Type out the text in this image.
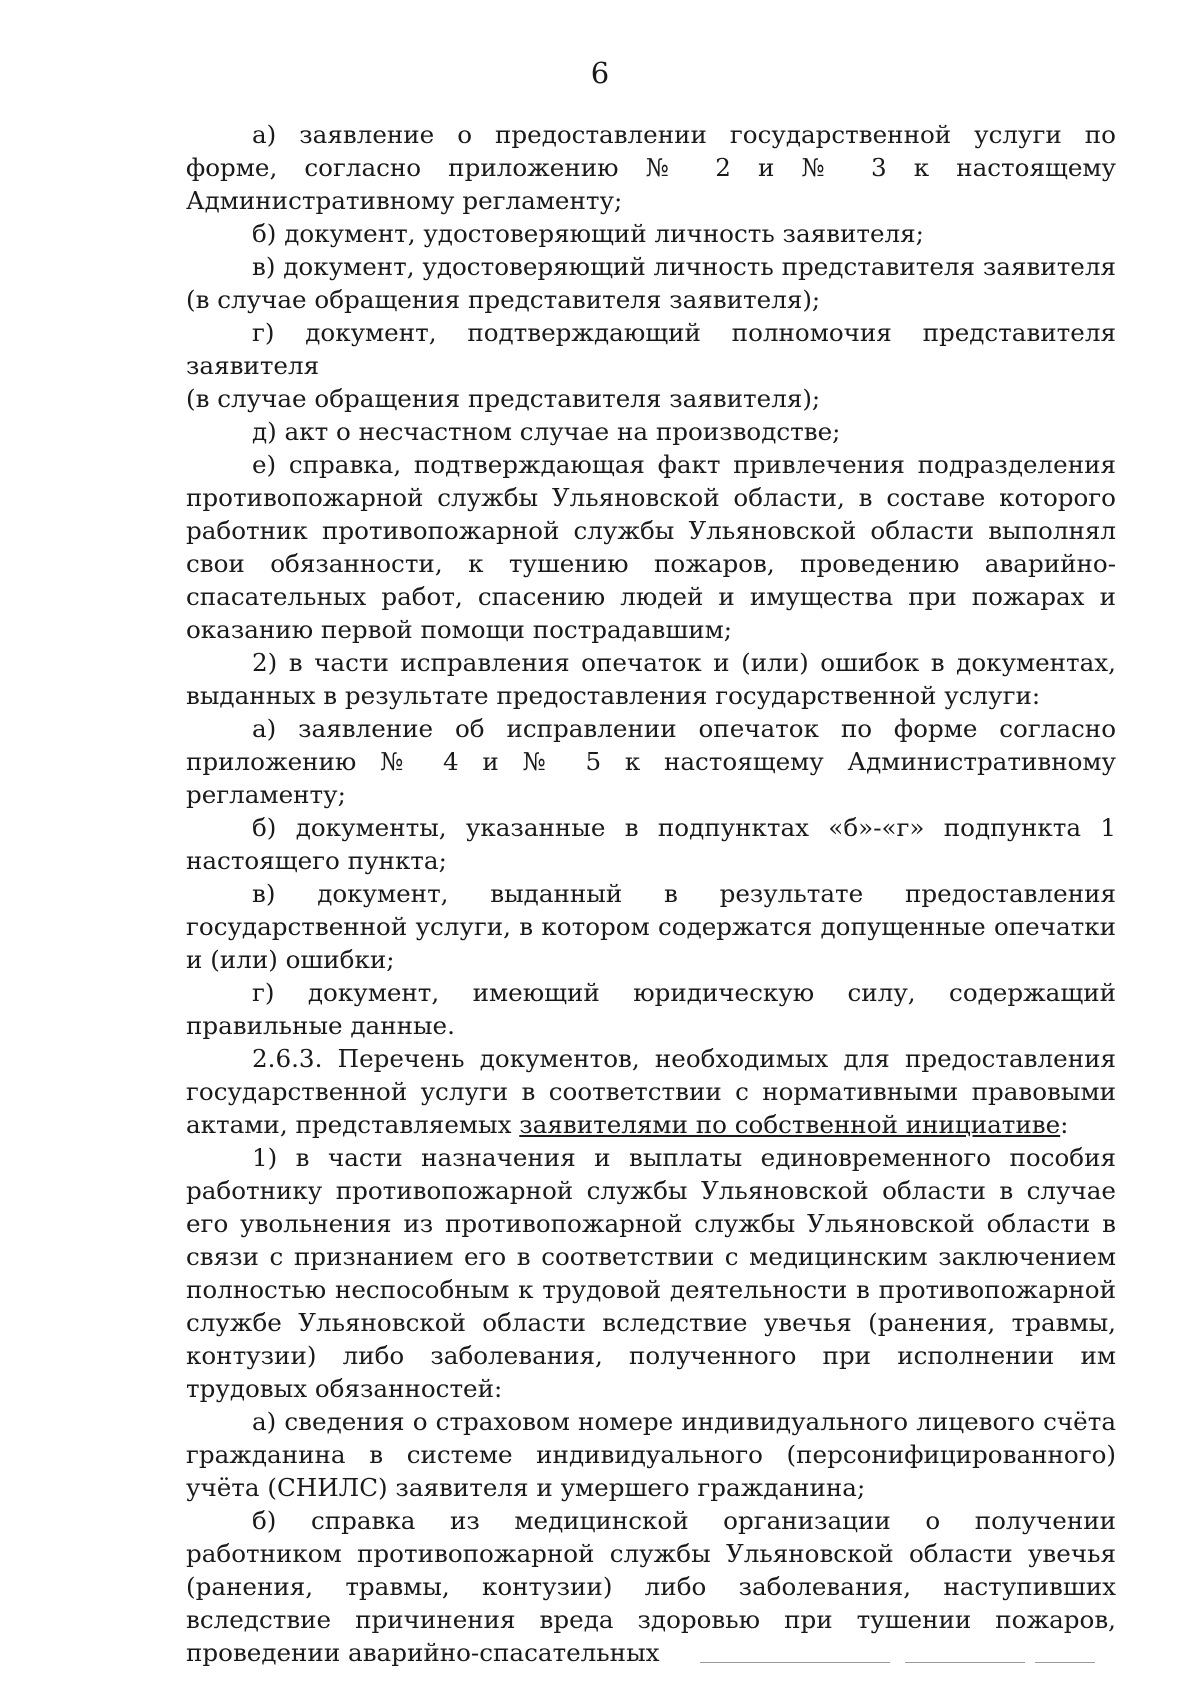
6

а) заявление о предоставлении государственной услуги по форме, согласно приложению № 2 и № 3 к настоящему Административному регламенту;

б) документ, удостоверяющий личность заявителя;

в) документ, удостоверяющий личность представителя заявителя (в случае обращения представителя заявителя);

г) документ, подтверждающий полномочия представителя заявителя

(в случае обращения представителя заявителя);

д) акт о несчастном случае на производстве;

е) справка, подтверждающая факт привлечения подразделения противопожарной службы Ульяновской области, в составе которого работник противопожарной службы Ульяновской области выполнял свои обязанности, к тушению пожаров, проведению аварийно-спасательных работ, спасению людей и имущества при пожарах и оказанию первой помощи пострадавшим;

2) в части исправления опечаток и (или) ошибок в документах, выданных в результате предоставления государственной услуги:

а) заявление об исправлении опечаток по форме согласно приложению № 4 и № 5 к настоящему Административному регламенту;

б) документы, указанные в подпунктах «б»-«г» подпункта 1 настоящего пункта;

в) документ, выданный в результате предоставления государственной услуги, в котором содержатся допущенные опечатки и (или) ошибки;

г) документ, имеющий юридическую силу, содержащий правильные данные.

2.6.3. Перечень документов, необходимых для предоставления государственной услуги в соответствии с нормативными правовыми актами, представляемых заявителями по собственной инициативе:

1) в части назначения и выплаты единовременного пособия работнику противопожарной службы Ульяновской области в случае его увольнения из противопожарной службы Ульяновской области в связи с признанием его в соответствии с медицинским заключением полностью неспособным к трудовой деятельности в противопожарной службе Ульяновской области вследствие увечья (ранения, травмы, контузии) либо заболевания, полученного при исполнении им трудовых обязанностей:

а) сведения о страховом номере индивидуального лицевого счёта гражданина в системе индивидуального (персонифицированного) учёта (СНИЛС) заявителя и умершего гражданина;

б) справка из медицинской организации о получении работником противопожарной службы Ульяновской области увечья (ранения, травмы, контузии) либо заболевания, наступивших вследствие причинения вреда здоровью при тушении пожаров, проведении аварийно-спасательных
